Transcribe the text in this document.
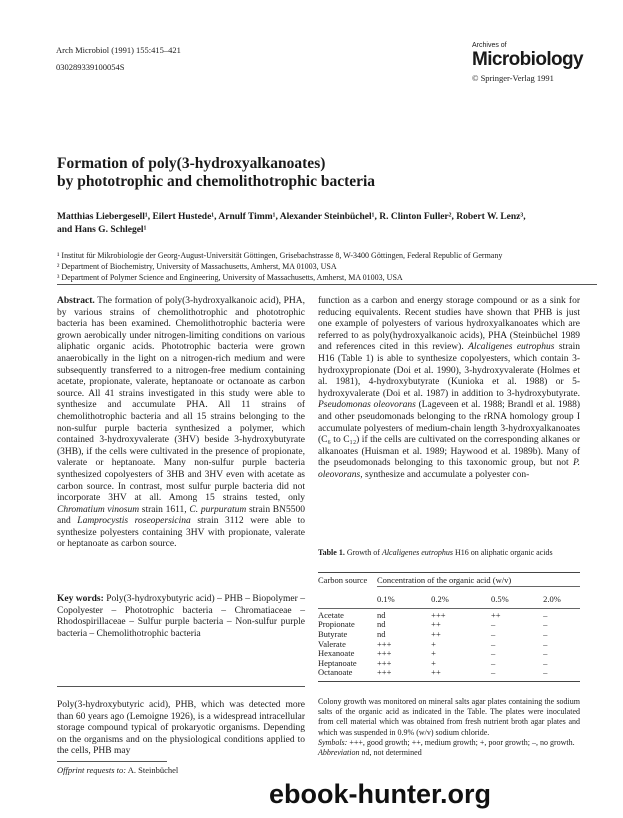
Arch Microbiol (1991) 155:415–421
030289339100054S
Archives of
Microbiology
© Springer-Verlag 1991
Formation of poly(3-hydroxyalkanoates)
by phototrophic and chemolithotrophic bacteria
Matthias Liebergesell¹, Eilert Hustede¹, Arnulf Timm¹, Alexander Steinbüchel¹, R. Clinton Fuller², Robert W. Lenz³,
and Hans G. Schlegel¹
¹ Institut für Mikrobiologie der Georg-August-Universität Göttingen, Grisebachstrasse 8, W-3400 Göttingen, Federal Republic of Germany
² Department of Biochemistry, University of Massachusetts, Amherst, MA 01003, USA
³ Department of Polymer Science and Engineering, University of Massachusetts, Amherst, MA 01003, USA
Abstract. The formation of poly(3-hydroxyalkanoic acid), PHA, by various strains of chemolithotrophic and phototrophic bacteria has been examined. Chemolithotrophic bacteria were grown aerobically under nitrogen-limiting conditions on various aliphatic organic acids. Phototrophic bacteria were grown anaerobically in the light on a nitrogen-rich medium and were subsequently transferred to a nitrogen-free medium containing acetate, propionate, valerate, heptanoate or octanoate as carbon source. All 41 strains investigated in this study were able to synthesize and accumulate PHA. All 11 strains of chemolithotrophic bacteria and all 15 strains belonging to the non-sulfur purple bacteria synthesized a polymer, which contained 3-hydroxyvalerate (3HV) beside 3-hydroxybutyrate (3HB), if the cells were cultivated in the presence of propionate, valerate or heptanoate. Many non-sulfur purple bacteria synthesized copolyesters of 3HB and 3HV even with acetate as carbon source. In contrast, most sulfur purple bacteria did not incorporate 3HV at all. Among 15 strains tested, only Chromatium vinosum strain 1611, C. purpuratum strain BN5500 and Lamprocystis roseopersicina strain 3112 were able to synthesize polyesters containing 3HV with propionate, valerate or heptanoate as carbon source.
Key words: Poly(3-hydroxybutyric acid) – PHB – Biopolymer – Copolyester – Phototrophic bacteria – Chromatiaceae – Rhodospirillaceae – Sulfur purple bacteria – Non-sulfur purple bacteria – Chemolithotrophic bacteria
Poly(3-hydroxybutyric acid), PHB, which was detected more than 60 years ago (Lemoigne 1926), is a widespread intracellular storage compound typical of prokaryotic organisms. Depending on the organisms and on the physiological conditions applied to the cells, PHB may
Offprint requests to: A. Steinbüchel
function as a carbon and energy storage compound or as a sink for reducing equivalents. Recent studies have shown that PHB is just one example of polyesters of various hydroxyalkanoates which are referred to as poly(hydroxyalkanoic acids), PHA (Steinbüchel 1989 and references cited in this review). Alcaligenes eutrophus strain H16 (Table 1) is able to synthesize copolyesters, which contain 3-hydroxypropionate (Doi et al. 1990), 3-hydroxyvalerate (Holmes et al. 1981), 4-hydroxybutyrate (Kunioka et al. 1988) or 5-hydroxyvalerate (Doi et al. 1987) in addition to 3-hydroxybutyrate. Pseudomonas oleovorans (Lageveen et al. 1988; Brandl et al. 1988) and other pseudomonads belonging to the rRNA homology group I accumulate polyesters of medium-chain length 3-hydroxyalkanoates (C₆ to C₁₂) if the cells are cultivated on the corresponding alkanes or alkanoates (Huisman et al. 1989; Haywood et al. 1989b). Many of the pseudomonads belonging to this taxonomic group, but not P. oleovorans, synthesize and accumulate a polyester con-
Table 1. Growth of Alcaligenes eutrophus H16 on aliphatic organic acids
Carbon source	Concentration of the organic acid (w/v)			

	0.1%	0.2%	0.5%	2.0%

Acetate	nd	+++	++	–
Propionate	nd	++	–	–
Butyrate	nd	++	–	–
Valerate	+++	+	–	–
Hexanoate	+++	+	–	–
Heptanoate	+++	+	–	–
Octanoate	+++	++	–	–

Colony growth was monitored on mineral salts agar plates containing the sodium salts of the organic acid as indicated in the Table. The plates were inoculated from cell material which was obtained from fresh nutrient broth agar plates and which was suspended in 0.9% (w/v) sodium chloride.
Symbols: +++, good growth; ++, medium growth; +, poor growth; –, no growth.
Abbreviation nd, not determined
ebook-hunter.org
